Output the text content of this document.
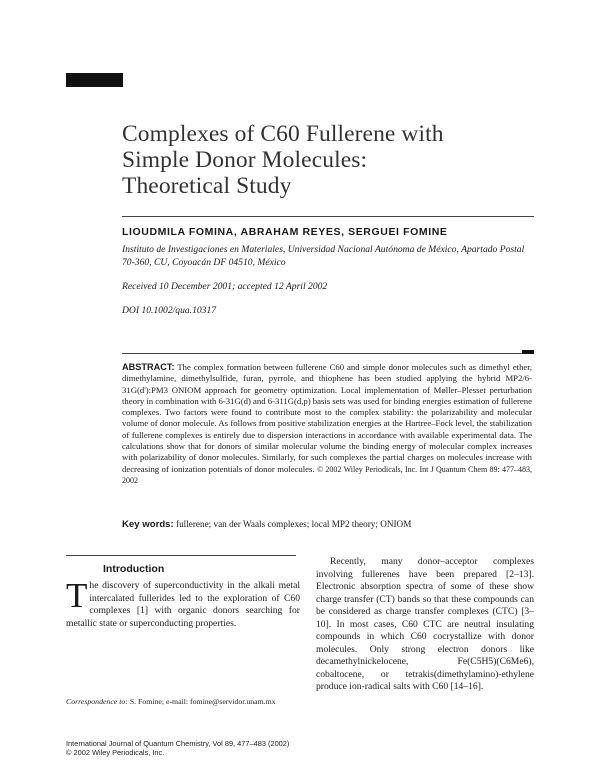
Complexes of C60 Fullerene with
Simple Donor Molecules:
Theoretical Study
LIOUDMILA FOMINA, ABRAHAM REYES, SERGUEI FOMINE
Instituto de Investigaciones en Materiales, Universidad Nacional Autónoma de México, Apartado Postal 70-360, CU, Coyoacán DF 04510, México
Received 10 December 2001; accepted 12 April 2002
DOI 10.1002/qua.10317
ABSTRACT: The complex formation between fullerene C60 and simple donor molecules such as dimethyl ether, dimethylamine, dimethylsulfide, furan, pyrrole, and thiophene has been studied applying the hybrid MP2/6-31G(d'):PM3 ONIOM approach for geometry optimization. Local implementation of Møller–Plesset perturbation theory in combination with 6-31G(d) and 6-311G(d,p) basis sets was used for binding energies estimation of fullerene complexes. Two factors were found to contribute most to the complex stability: the polarizability and molecular volume of donor molecule. As follows from positive stabilization energies at the Hartree–Fock level, the stabilization of fullerene complexes is entirely due to dispersion interactions in accordance with available experimental data. The calculations show that for donors of similar molecular volume the binding energy of molecular complex increases with polarizability of donor molecules. Similarly, for such complexes the partial charges on molecules increase with decreasing of ionization potentials of donor molecules. © 2002 Wiley Periodicals, Inc. Int J Quantum Chem 89: 477–483, 2002
Key words: fullerene; van der Waals complexes; local MP2 theory; ONIOM
Introduction
The discovery of superconductivity in the alkali metal intercalated fullerides led to the exploration of C60 complexes [1] with organic donors searching for metallic state or superconducting properties.
Correspondence to: S. Fomine; e-mail: fomine@servidor.unam.mx

Recently, many donor–acceptor complexes involving fullerenes have been prepared [2–13]. Electronic absorption spectra of some of these show charge transfer (CT) bands so that these compounds can be considered as charge transfer complexes (CTC) [3–10]. In most cases, C60 CTC are neutral insulating compounds in which C60 cocrystallize with donor molecules. Only strong electron donors like decamethylnickelocene,	Fe(C5H5)(C6Me6), cobaltocene, or tetrakis(dimethylamino)-ethylene produce ion-radical salts with C60 [14–16].

International Journal of Quantum Chemistry, Vol 89, 477–483 (2002)
© 2002 Wiley Periodicals, Inc.
